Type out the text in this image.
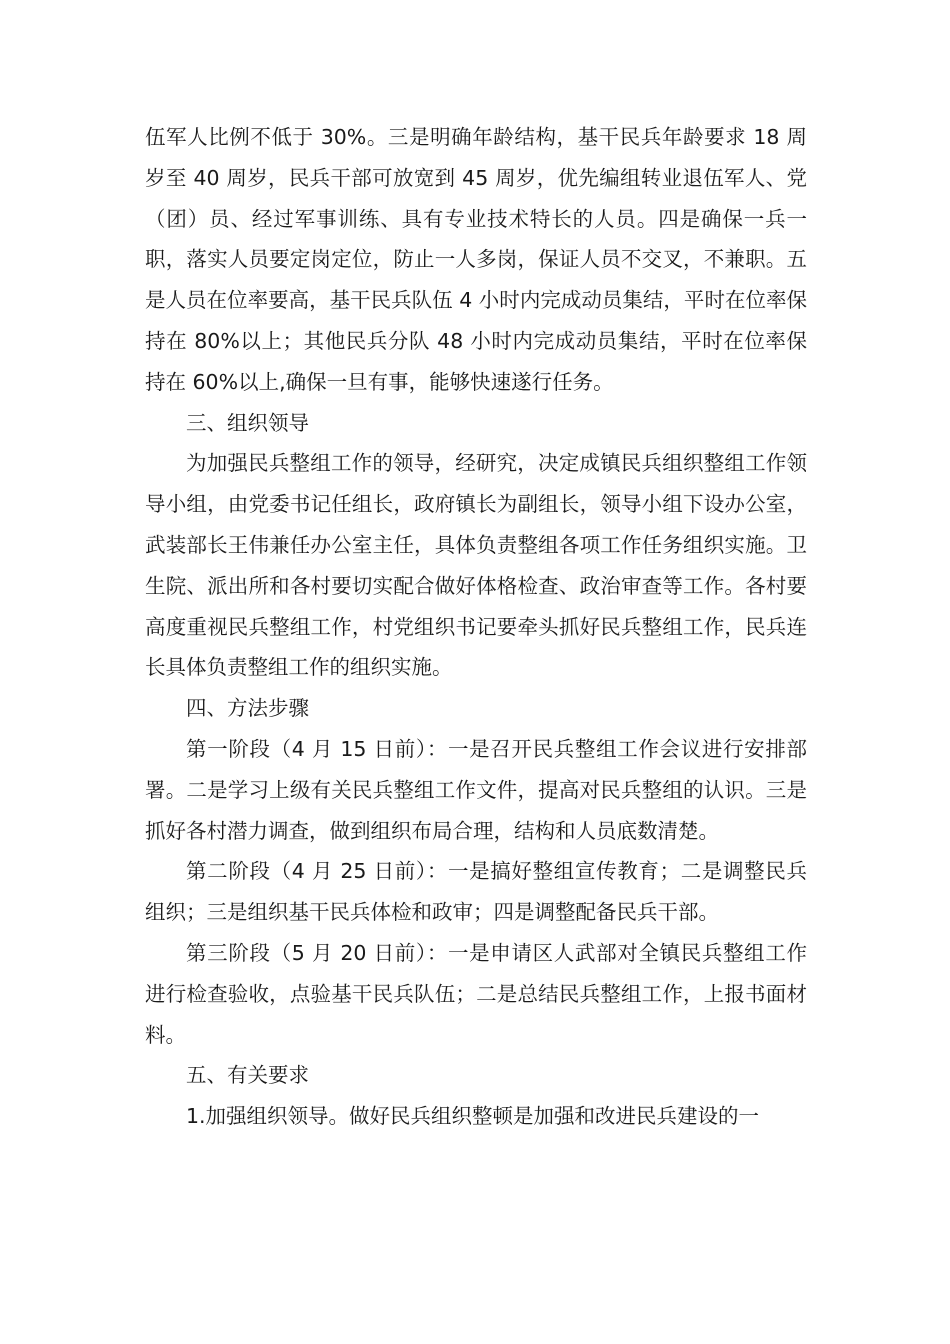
伍军人比例不低于 30%。三是明确年龄结构，基干民兵年龄要求 18 周岁至 40 周岁，民兵干部可放宽到 45 周岁，优先编组转业退伍军人、党（团）员、经过军事训练、具有专业技术特长的人员。四是确保一兵一职，落实人员要定岗定位，防止一人多岗，保证人员不交叉，不兼职。五是人员在位率要高，基干民兵队伍 4 小时内完成动员集结，平时在位率保持在 80%以上；其他民兵分队 48 小时内完成动员集结，平时在位率保持在 60%以上,确保一旦有事，能够快速遂行任务。

三、组织领导

为加强民兵整组工作的领导，经研究，决定成镇民兵组织整组工作领导小组，由党委书记任组长，政府镇长为副组长，领导小组下设办公室，武装部长王伟兼任办公室主任，具体负责整组各项工作任务组织实施。卫生院、派出所和各村要切实配合做好体格检查、政治审查等工作。各村要高度重视民兵整组工作，村党组织书记要牵头抓好民兵整组工作，民兵连长具体负责整组工作的组织实施。

四、方法步骤

第一阶段（4 月 15 日前）：一是召开民兵整组工作会议进行安排部署。二是学习上级有关民兵整组工作文件，提高对民兵整组的认识。三是抓好各村潜力调查，做到组织布局合理，结构和人员底数清楚。

第二阶段（4 月 25 日前）：一是搞好整组宣传教育；二是调整民兵组织；三是组织基干民兵体检和政审；四是调整配备民兵干部。

第三阶段（5 月 20 日前）：一是申请区人武部对全镇民兵整组工作进行检查验收，点验基干民兵队伍；二是总结民兵整组工作，上报书面材料。

五、有关要求

1.加强组织领导。做好民兵组织整顿是加强和改进民兵建设的一
